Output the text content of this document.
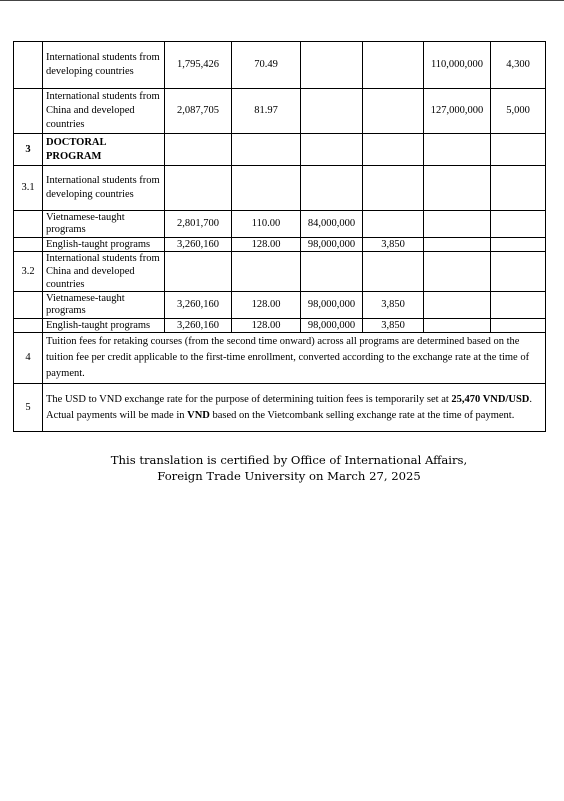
	International students from developing countries	1,795,426	70.49			110,000,000	4,300
	International students from China and developed countries	2,087,705	81.97			127,000,000	5,000
3	DOCTORAL PROGRAM						
3.1	International students from developing countries						
	Vietnamese-taught programs	2,801,700	110.00	84,000,000			
	English-taught programs	3,260,160	128.00	98,000,000	3,850		
3.2	International students from China and developed countries						
	Vietnamese-taught programs	3,260,160	128.00	98,000,000	3,850		
	English-taught programs	3,260,160	128.00	98,000,000	3,850		
4	Tuition fees for retaking courses (from the second time onward) across all programs are determined based on the tuition fee per credit applicable to the first-time enrollment, converted according to the exchange rate at the time of payment.						
5	The USD to VND exchange rate for the purpose of determining tuition fees is temporarily set at 25,470 VND/USD. Actual payments will be made in VND based on the Vietcombank selling exchange rate at the time of payment.						
This translation is certified by Office of International Affairs,
Foreign Trade University on March 27, 2025
